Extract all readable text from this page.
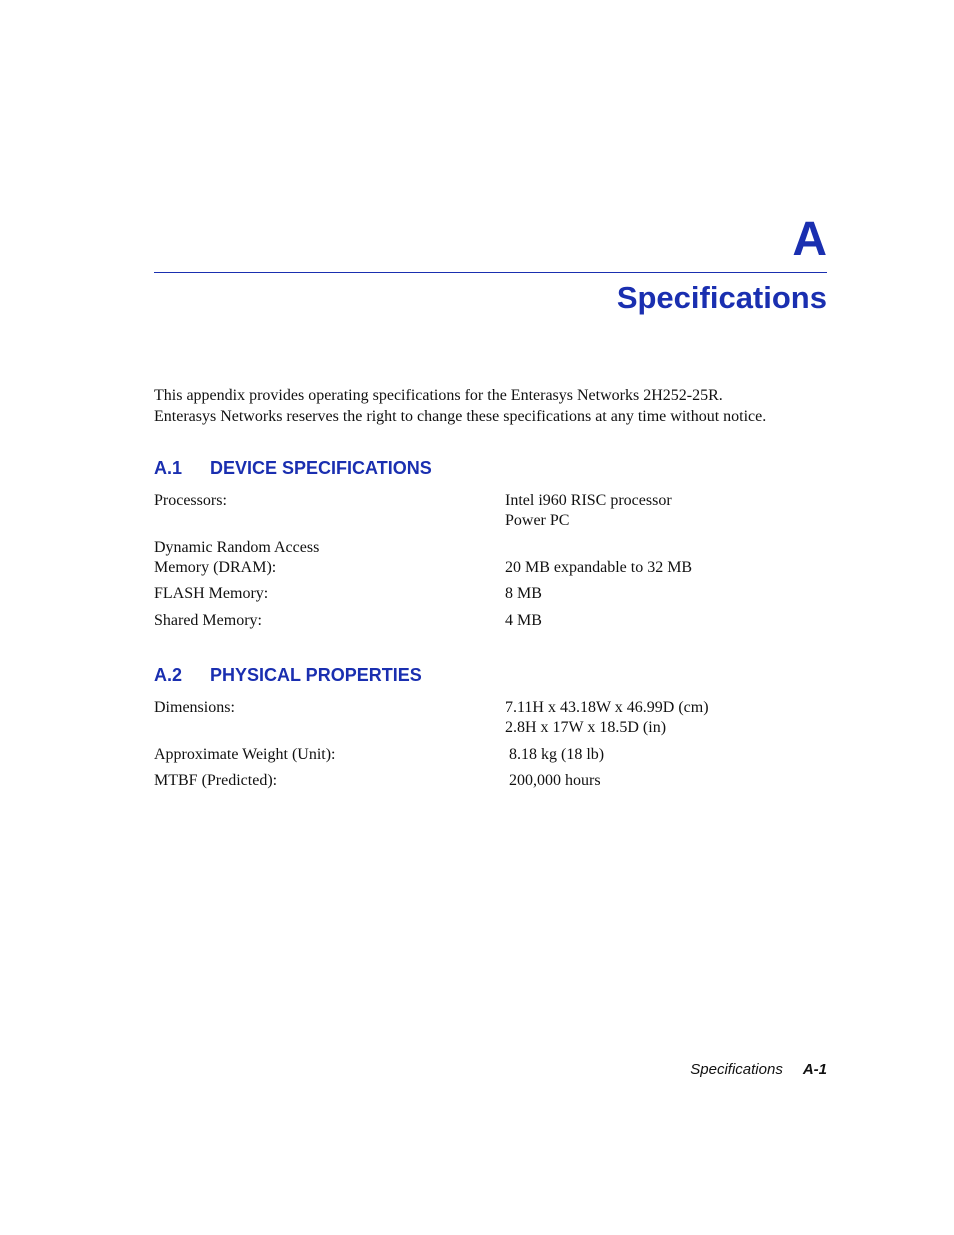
A
Specifications

This appendix provides operating specifications for the Enterasys Networks 2H252-25R.

Enterasys Networks reserves the right to change these specifications at any time without notice.

A.1 DEVICE SPECIFICATIONS
Processors:	Intel i960 RISC processor
Power PC
Dynamic Random Access
Memory (DRAM):	20 MB expandable to 32 MB
FLASH Memory:	8 MB
Shared Memory:	4 MB
A.2 PHYSICAL PROPERTIES
Dimensions:	7.11H x 43.18W x 46.99D (cm)
2.8H x 17W x 18.5D (in)
Approximate Weight (Unit):	8.18 kg (18 lb)
MTBF (Predicted):	200,000 hours
Specifications A-1
